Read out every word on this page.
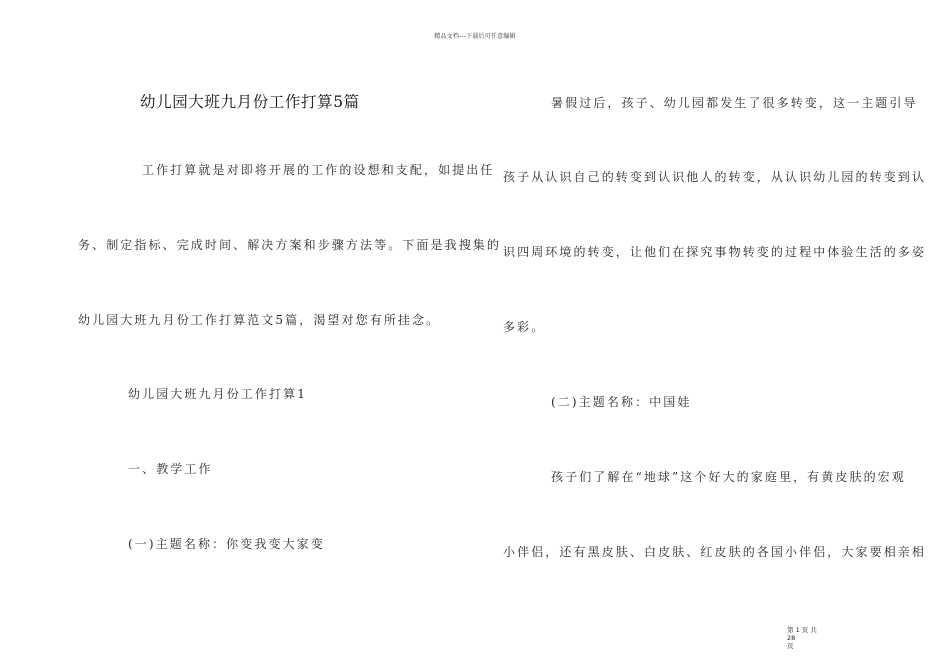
精品文档---下载后可任意编辑
幼儿园大班九月份工作打算5篇
工作打算就是对即将开展的工作的设想和支配，如提出任
务、制定指标、完成时间、解决方案和步骤方法等。下面是我搜集的
幼儿园大班九月份工作打算范文5篇，渴望对您有所挂念。
幼儿园大班九月份工作打算1
一、教学工作
(一)主题名称：你变我变大家变
暑假过后，孩子、幼儿园都发生了很多转变，这一主题引导
孩子从认识自己的转变到认识他人的转变，从认识幼儿园的转变到认
识四周环境的转变，让他们在探究事物转变的过程中体验生活的多姿
多彩。
(二)主题名称：中国娃
孩子们了解在“地球”这个好大的家庭里，有黄皮肤的宏观
小伴侣，还有黑皮肤、白皮肤、红皮肤的各国小伴侣，大家要相亲相
第 1 页 共 28
页
